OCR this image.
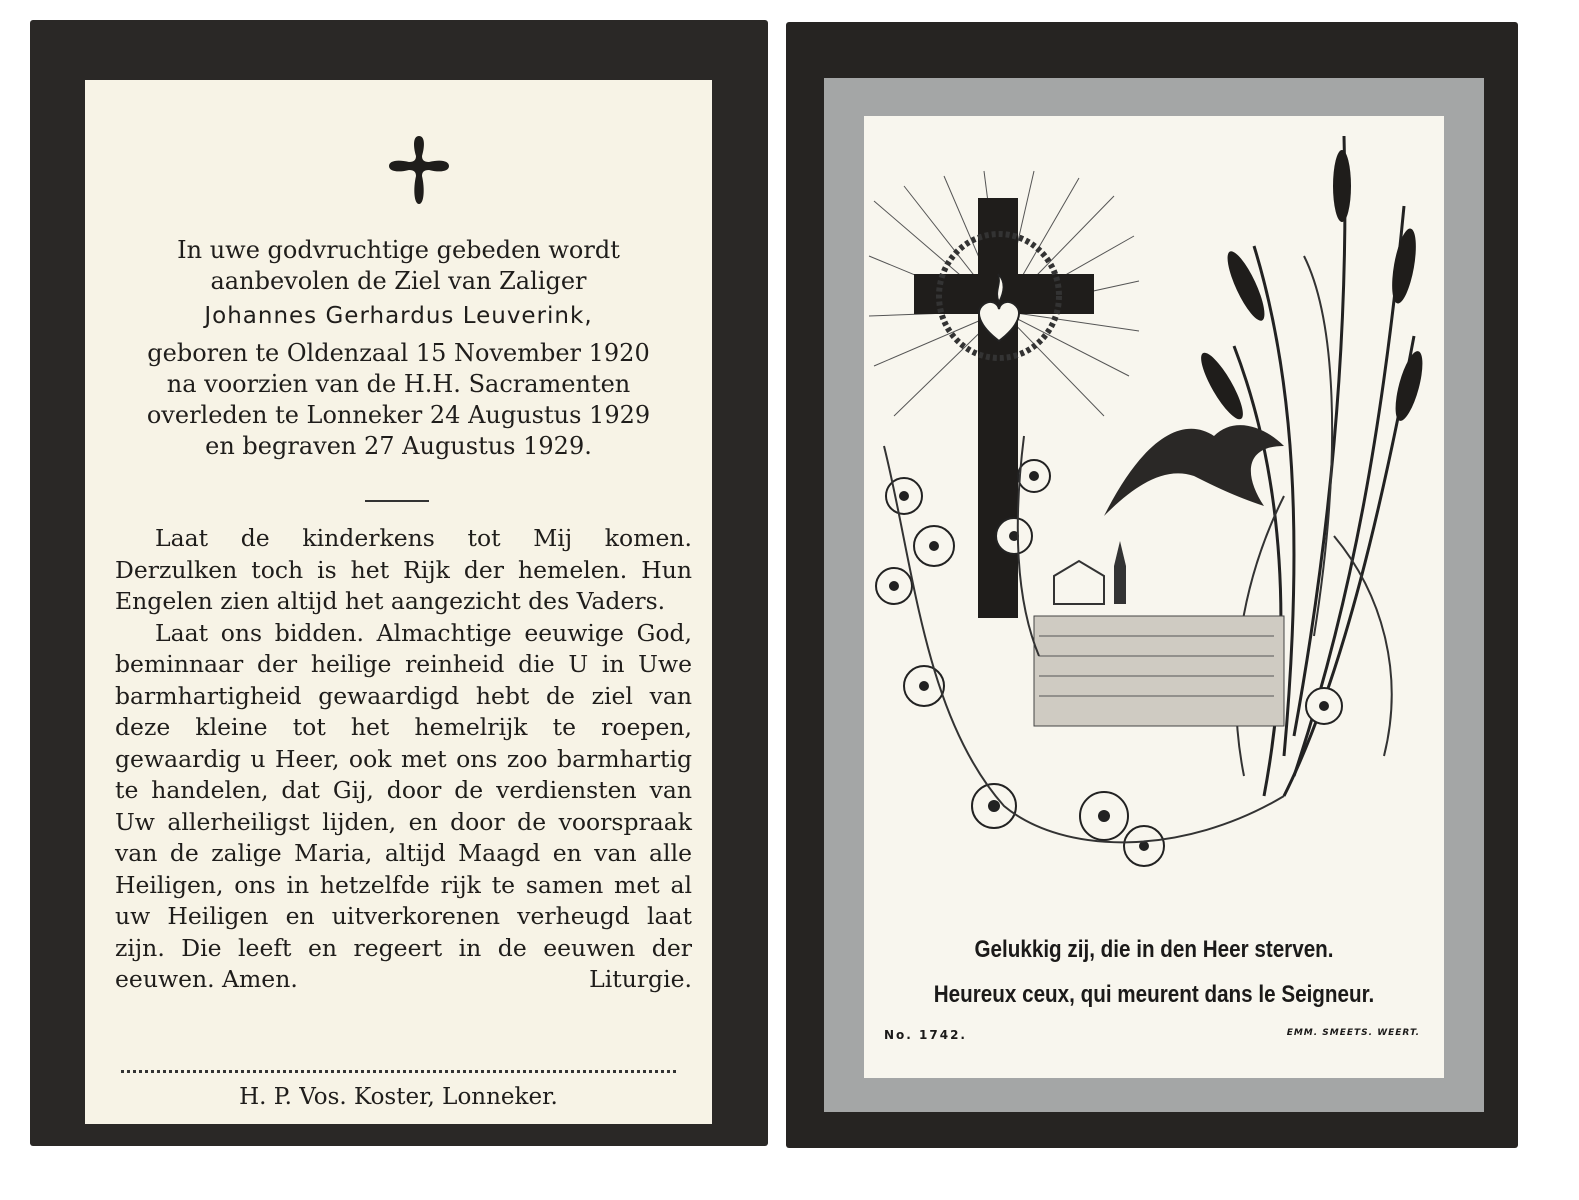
In uwe godvruchtige gebeden wordt
aanbevolen de Ziel van Zaliger
Johannes Gerhardus Leuverink,
geboren te Oldenzaal 15 November 1920
na voorzien van de H.H. Sacramenten
overleden te Lonneker 24 Augustus 1929
en begraven 27 Augustus 1929.

Laat de kinderkens tot Mij komen. Derzulken toch is het Rijk der hemelen. Hun Engelen zien altijd het aangezicht des Vaders.

Laat ons bidden. Almachtige eeuwige God, beminnaar der heilige reinheid die U in Uwe barmhartigheid gewaardigd hebt de ziel van deze kleine tot het hemelrijk te roepen, gewaardig u Heer, ook met ons zoo barmhartig te handelen, dat Gij, door de verdiensten van Uw allerheiligst lijden, en door de voorspraak van de zalige Maria, altijd Maagd en van alle Heiligen, ons in hetzelfde rijk te samen met al uw Heiligen en uitverkorenen verheugd laat zijn. Die leeft en regeert in de eeuwen der eeuwen. Amen.	Liturgie.

H. P. Vos. Koster, Lonneker.
Gelukkig zij, die in den Heer sterven.
Heureux ceux, qui meurent dans le Seigneur.
No. 1742.	EMM. SMEETS. WEERT.
